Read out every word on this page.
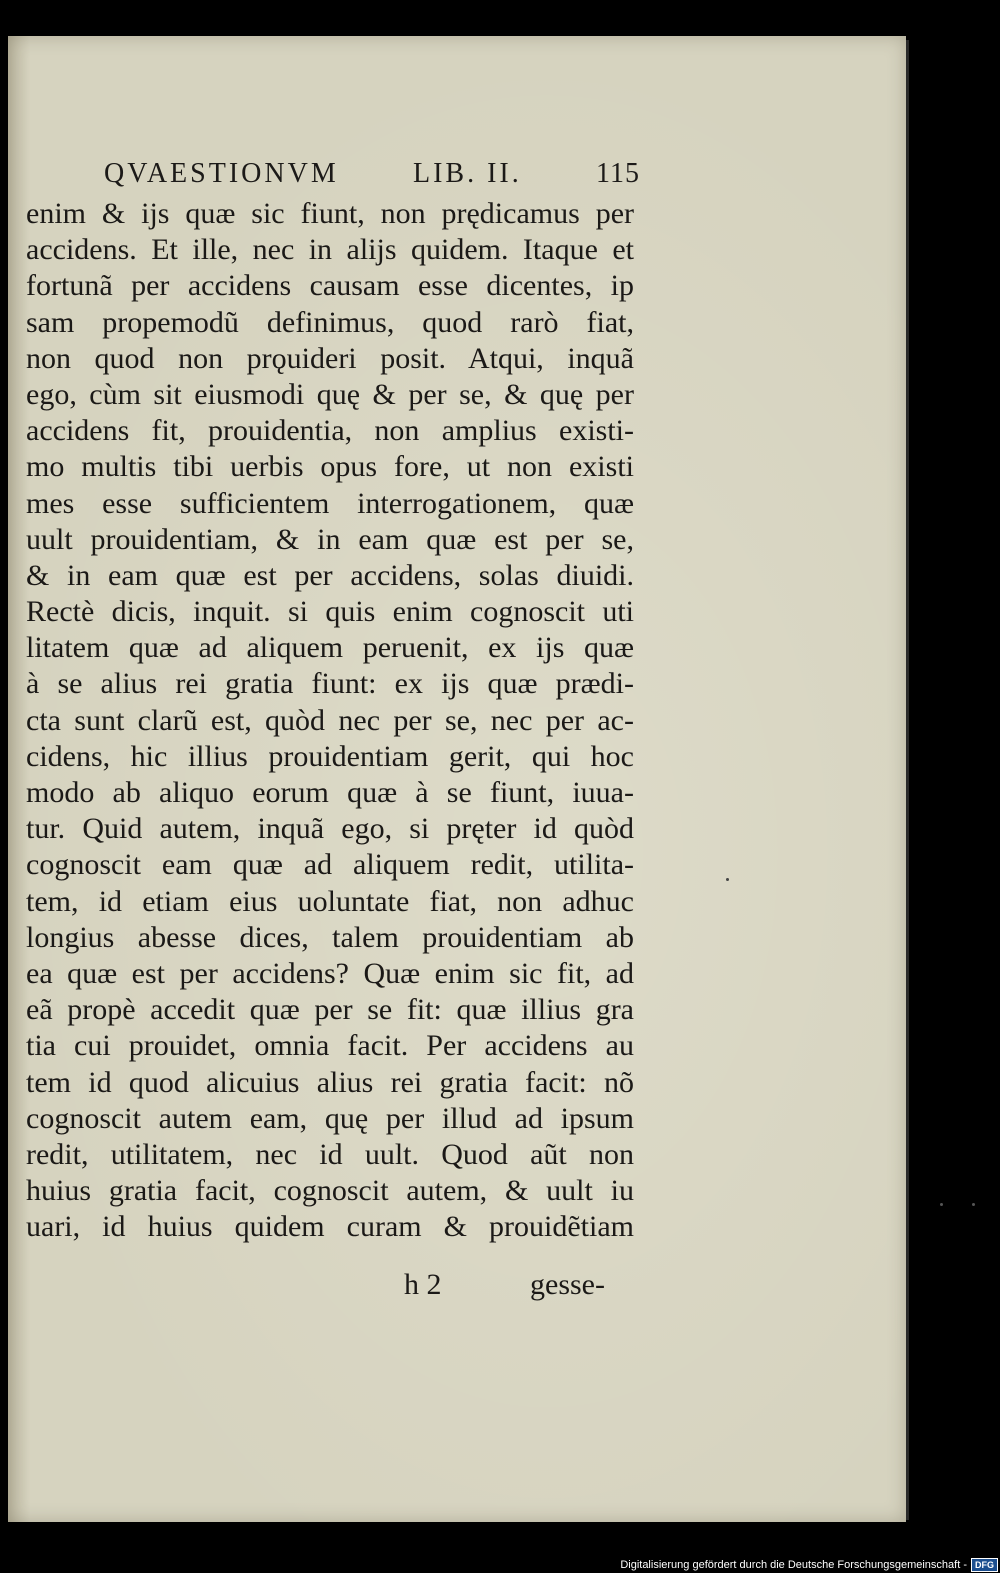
QVAESTIONVM	LIB. II.	115
enim & ijs quæ sic fiunt, non prędicamus per
accidens. Et ille, nec in alijs quidem. Itaque et
fortunã per accidens causam esse dicentes, ip
sam propemodũ definimus, quod rarò fiat,
non quod non prǫuideri posit. Atqui, inquã
ego, cùm sit eiusmodi quę & per se, & quę per
accidens fit, prouidentia, non amplius existi-
mo multis tibi uerbis opus fore, ut non existi
mes esse sufficientem interrogationem, quæ
uult prouidentiam, & in eam quæ est per se,
& in eam quæ est per accidens, solas diuidi.
Rectè dicis, inquit. si quis enim cognoscit uti
litatem quæ ad aliquem peruenit, ex ijs quæ
à se alius rei gratia fiunt: ex ijs quæ prædi-
cta sunt clarũ est, quòd nec per se, nec per ac-
cidens, hic illius prouidentiam gerit, qui hoc
modo ab aliquo eorum quæ à se fiunt, iuua-
tur. Quid autem, inquã ego, si pręter id quòd
cognoscit eam quæ ad aliquem redit, utilita-
tem, id etiam eius uoluntate fiat, non adhuc
longius abesse dices, talem prouidentiam ab
ea quæ est per accidens? Quæ enim sic fit, ad
eã propè accedit quæ per se fit: quæ illius gra
tia cui prouidet, omnia facit. Per accidens au
tem id quod alicuius alius rei gratia facit: nõ
cognoscit autem eam, quę per illud ad ipsum
redit, utilitatem, nec id uult. Quod aũt non
huius gratia facit, cognoscit autem, & uult iu
uari, id huius quidem curam & prouidẽtiam
h 2	gesse-
Digitalisierung gefördert durch die Deutsche Forschungsgemeinschaft - DFG
